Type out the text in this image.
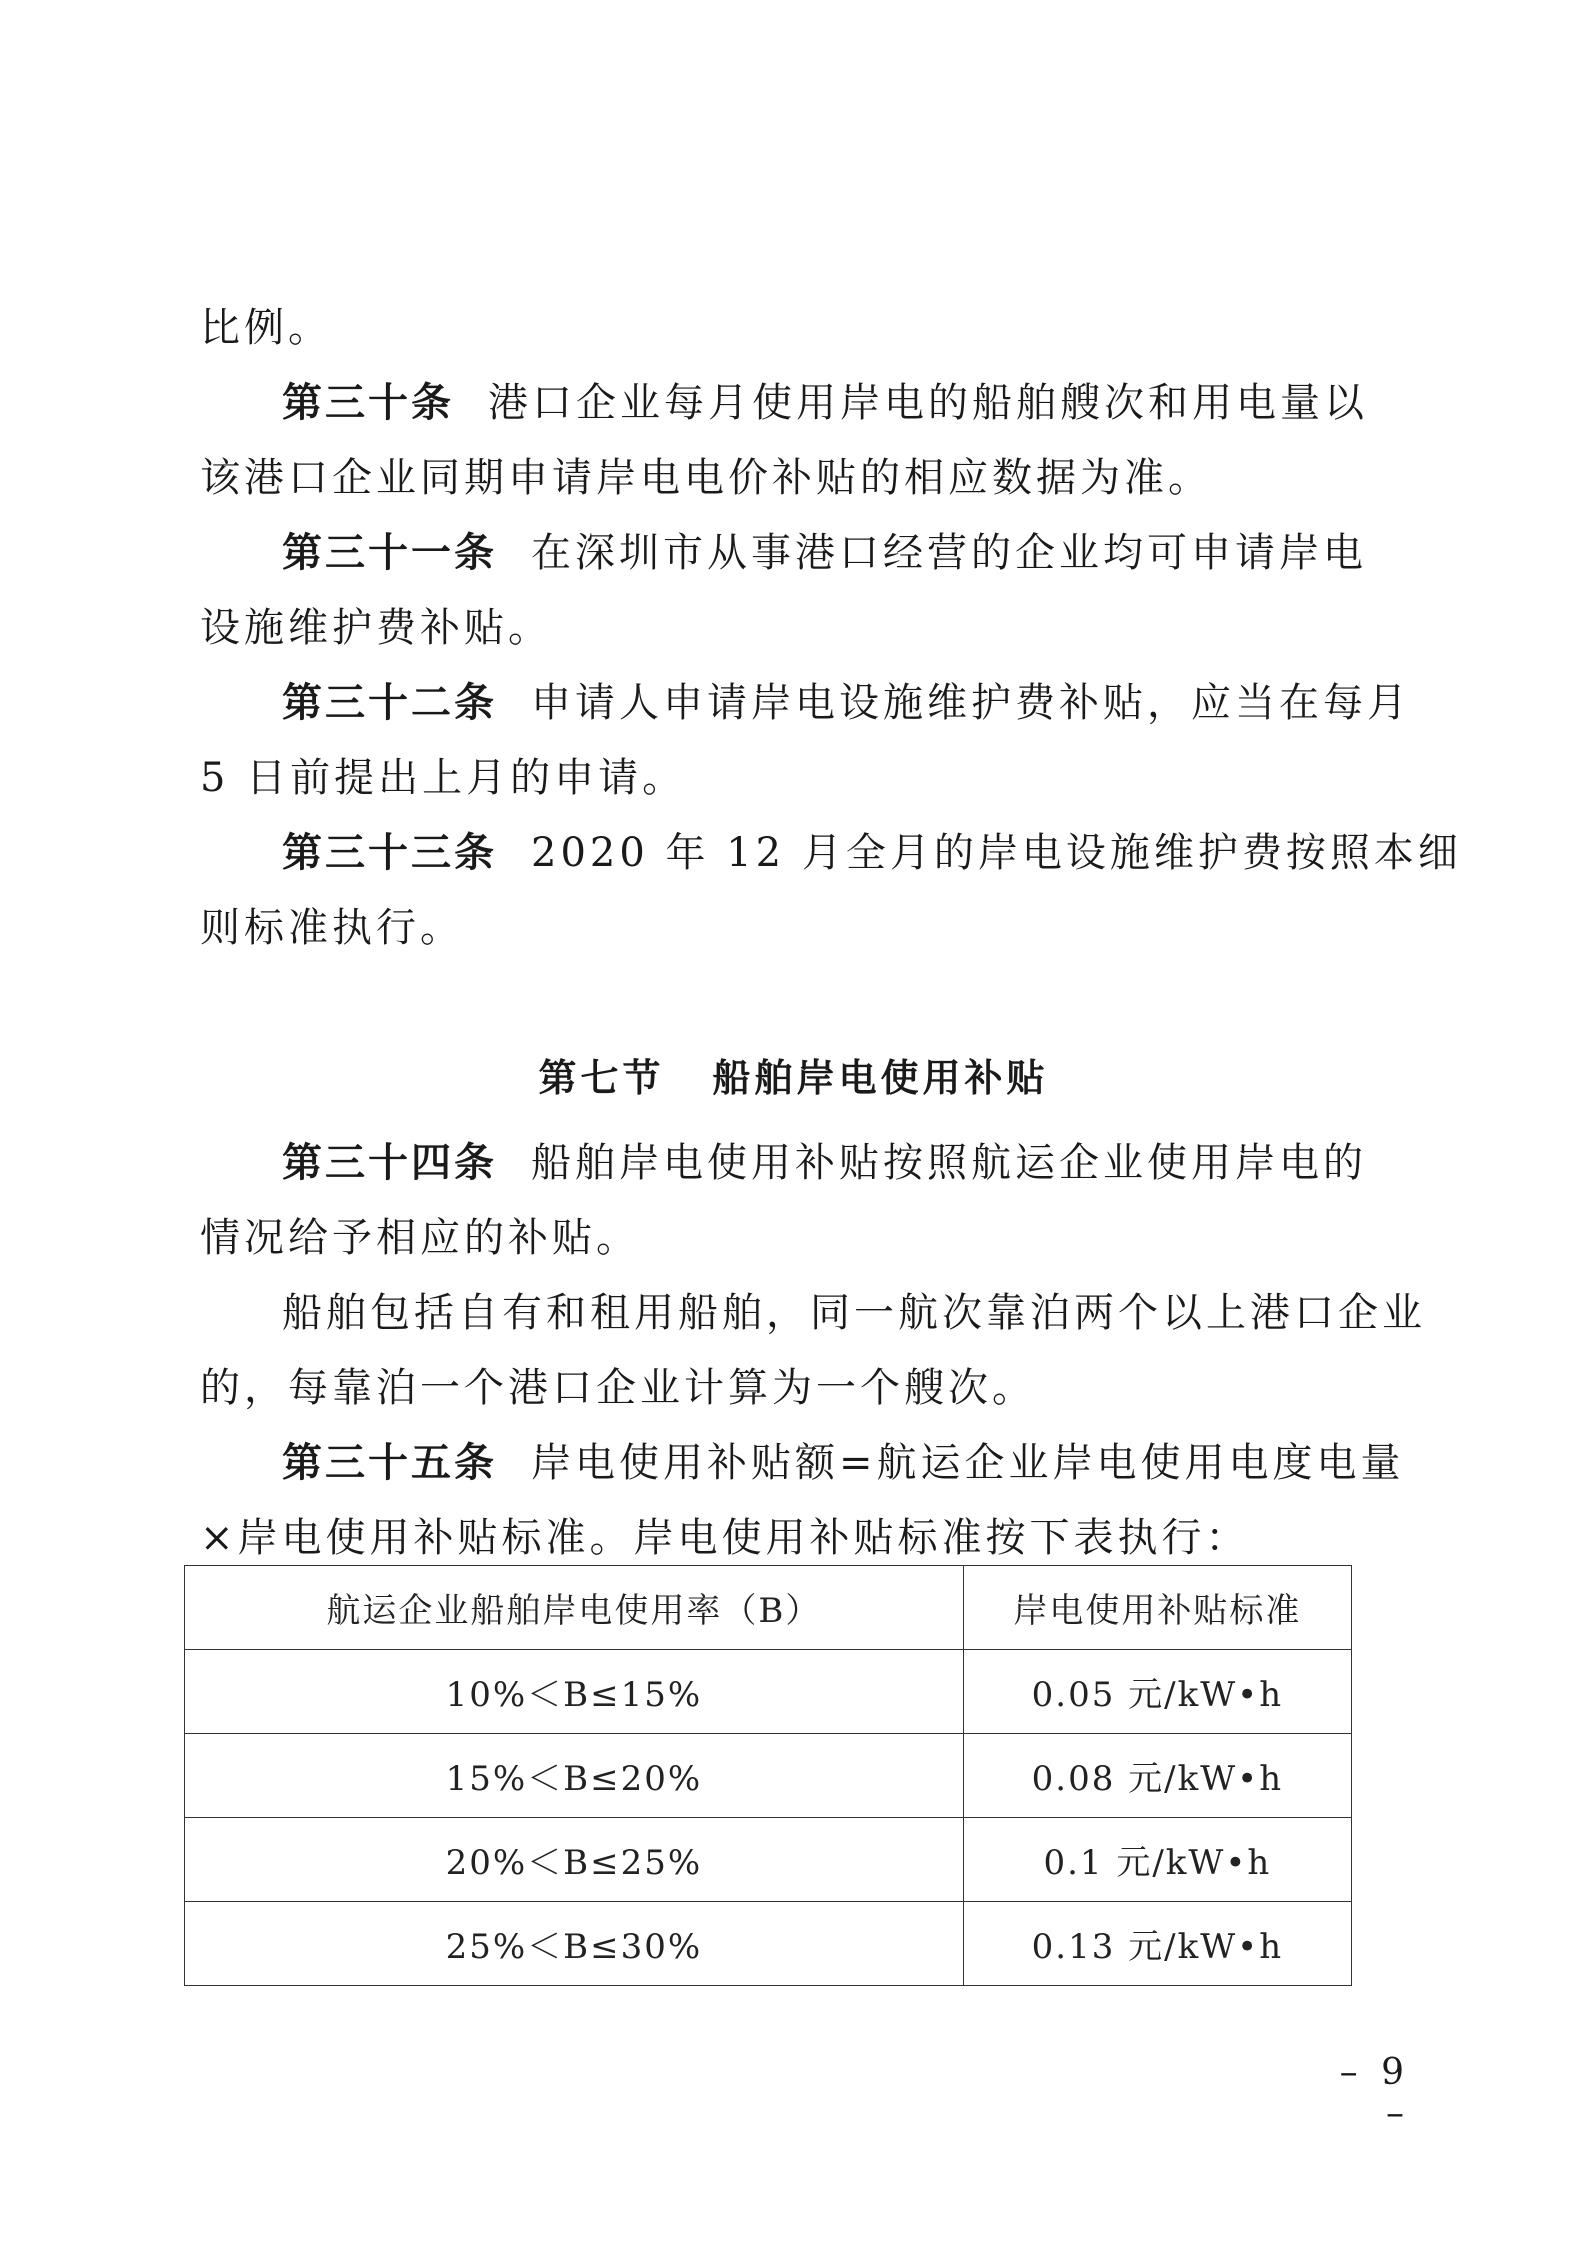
比例。
第三十条 港口企业每月使用岸电的船舶艘次和用电量以
该港口企业同期申请岸电电价补贴的相应数据为准。
第三十一条 在深圳市从事港口经营的企业均可申请岸电
设施维护费补贴。
第三十二条 申请人申请岸电设施维护费补贴，应当在每月
5 日前提出上月的申请。
第三十三条 2020 年 12 月全月的岸电设施维护费按照本细
则标准执行。
第七节 船舶岸电使用补贴
第三十四条 船舶岸电使用补贴按照航运企业使用岸电的
情况给予相应的补贴。
船舶包括自有和租用船舶，同一航次靠泊两个以上港口企业
的，每靠泊一个港口企业计算为一个艘次。
第三十五条 岸电使用补贴额=航运企业岸电使用电度电量
×岸电使用补贴标准。岸电使用补贴标准按下表执行：
航运企业船舶岸电使用率（B）	岸电使用补贴标准
10%＜B≤15%	0.05 元/kW•h
15%＜B≤20%	0.08 元/kW•h
20%＜B≤25%	0.1 元/kW•h
25%＜B≤30%	0.13 元/kW•h
– 9 –
